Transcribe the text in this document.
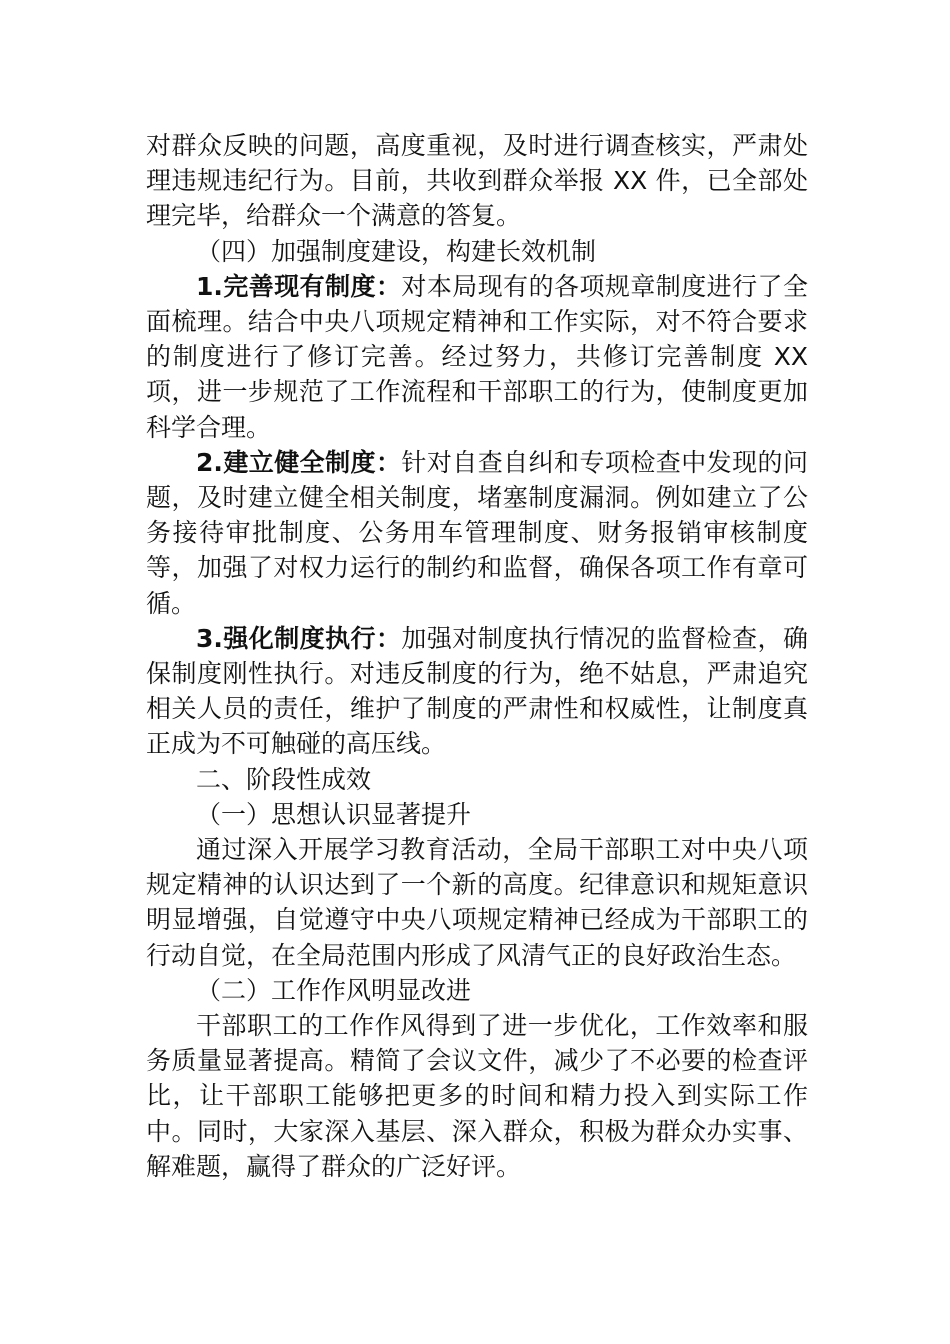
对群众反映的问题，高度重视，及时进行调查核实，严肃处理违规违纪行为。目前，共收到群众举报 XX 件，已全部处理完毕，给群众一个满意的答复。

（四）加强制度建设，构建长效机制

1.完善现有制度：对本局现有的各项规章制度进行了全面梳理。结合中央八项规定精神和工作实际，对不符合要求的制度进行了修订完善。经过努力，共修订完善制度 XX 项，进一步规范了工作流程和干部职工的行为，使制度更加科学合理。

2.建立健全制度：针对自查自纠和专项检查中发现的问题，及时建立健全相关制度，堵塞制度漏洞。例如建立了公务接待审批制度、公务用车管理制度、财务报销审核制度等，加强了对权力运行的制约和监督，确保各项工作有章可循。

3.强化制度执行：加强对制度执行情况的监督检查，确保制度刚性执行。对违反制度的行为，绝不姑息，严肃追究相关人员的责任，维护了制度的严肃性和权威性，让制度真正成为不可触碰的高压线。

二、阶段性成效

（一）思想认识显著提升

通过深入开展学习教育活动，全局干部职工对中央八项规定精神的认识达到了一个新的高度。纪律意识和规矩意识明显增强，自觉遵守中央八项规定精神已经成为干部职工的行动自觉，在全局范围内形成了风清气正的良好政治生态。

（二）工作作风明显改进

干部职工的工作作风得到了进一步优化，工作效率和服务质量显著提高。精简了会议文件，减少了不必要的检查评比，让干部职工能够把更多的时间和精力投入到实际工作中。同时，大家深入基层、深入群众，积极为群众办实事、解难题，赢得了群众的广泛好评。
